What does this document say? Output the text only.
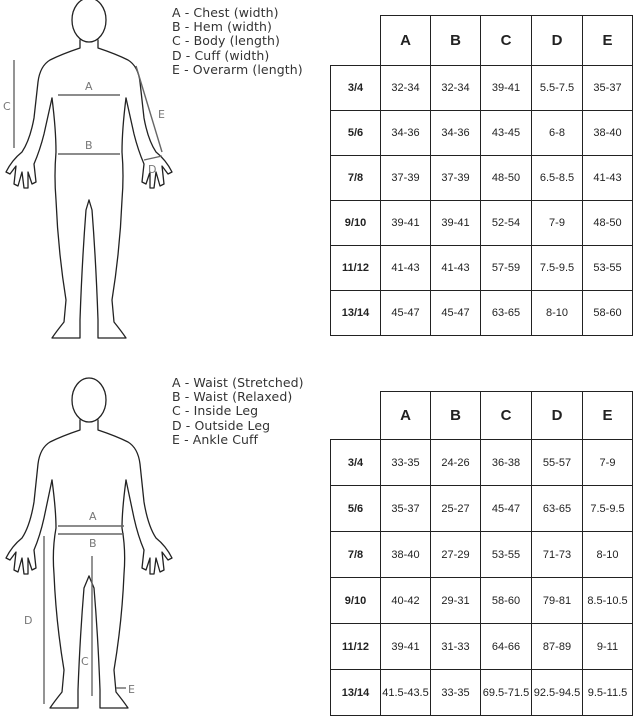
A
B
C
D
E
A - Chest (width)
B - Hem (width)
C - Body (length)
D - Cuff (width)
E - Overarm (length)
	A	B	C	D	E
3/4	32-34	32-34	39-41	5.5-7.5	35-37
5/6	34-36	34-36	43-45	6-8	38-40
7/8	37-39	37-39	48-50	6.5-8.5	41-43
9/10	39-41	39-41	52-54	7-9	48-50
11/12	41-43	41-43	57-59	7.5-9.5	53-55
13/14	45-47	45-47	63-65	8-10	58-60
A
B
C
D
E
A - Waist (Stretched)
B - Waist (Relaxed)
C - Inside Leg
D - Outside Leg
E - Ankle Cuff
	A	B	C	D	E
3/4	33-35	24-26	36-38	55-57	7-9
5/6	35-37	25-27	45-47	63-65	7.5-9.5
7/8	38-40	27-29	53-55	71-73	8-10
9/10	40-42	29-31	58-60	79-81	8.5-10.5
11/12	39-41	31-33	64-66	87-89	9-11
13/14	41.5-43.5	33-35	69.5-71.5	92.5-94.5	9.5-11.5
